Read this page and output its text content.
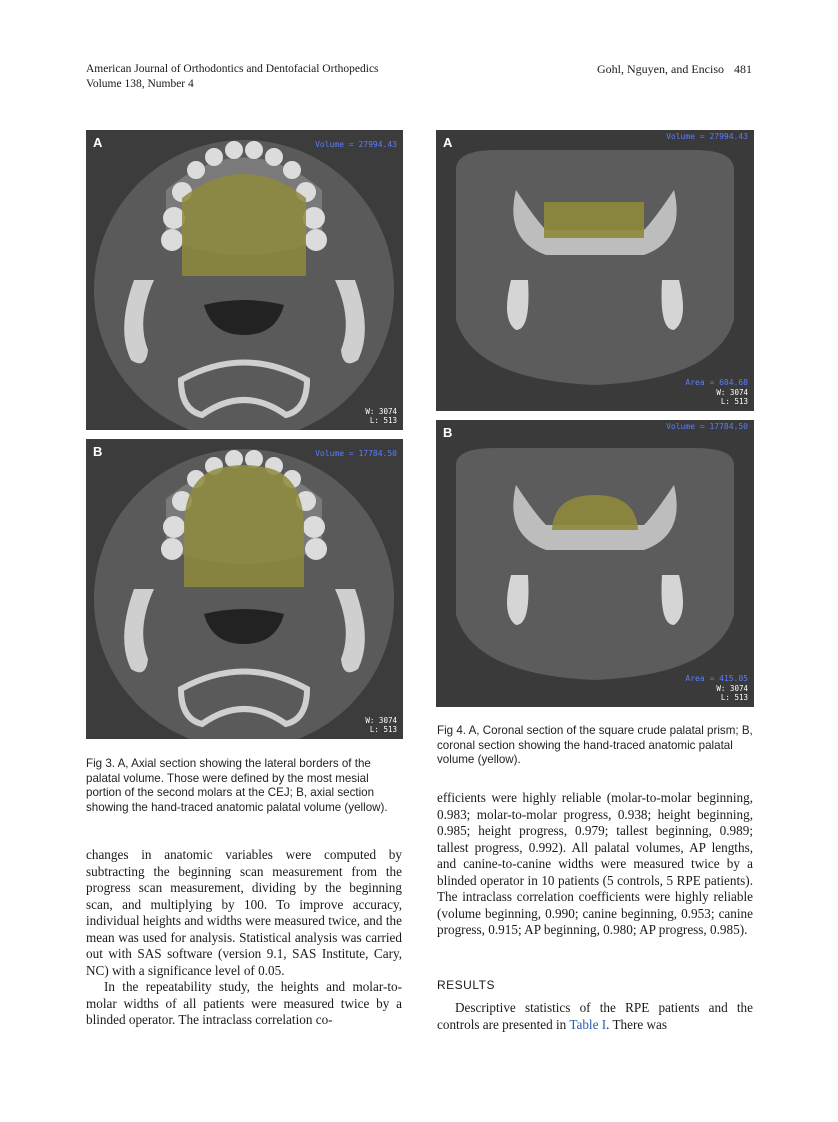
American Journal of Orthodontics and Dentofacial Orthopedics
Volume 138, Number 4
Gohl, Nguyen, and Enciso 481
A	Volume = 27994.43
W: 3074
L: 513
B	Volume = 17784.50
W: 3074
L: 513
A	Volume = 27994.43
Area = 604.68
W: 3074
L: 513
B	Volume = 17784.50
Area = 415.05
W: 3074
L: 513
Fig 4. A, Coronal section of the square crude palatal prism; B, coronal section showing the hand-traced anatomic palatal volume (yellow).
Fig 3. A, Axial section showing the lateral borders of the palatal volume. Those were defined by the most mesial portion of the second molars at the CEJ; B, axial section showing the hand-traced anatomic palatal volume (yellow).

changes in anatomic variables were computed by subtracting the beginning scan measurement from the progress scan measurement, dividing by the beginning scan, and multiplying by 100. To improve accuracy, individual heights and widths were measured twice, and the mean was used for analysis. Statistical analysis was carried out with SAS software (version 9.1, SAS Institute, Cary, NC) with a significance level of 0.05.

In the repeatability study, the heights and molar-to-molar widths of all patients were measured twice by a blinded operator. The intraclass correlation co-

efficients were highly reliable (molar-to-molar beginning, 0.983; molar-to-molar progress, 0.938; height beginning, 0.985; height progress, 0.979; tallest beginning, 0.989; tallest progress, 0.992). All palatal volumes, AP lengths, and canine-to-canine widths were measured twice by a blinded operator in 10 patients (5 controls, 5 RPE patients). The intraclass correlation coefficients were highly reliable (volume beginning, 0.990; canine beginning, 0.953; canine progress, 0.915; AP beginning, 0.980; AP progress, 0.985).

RESULTS

Descriptive statistics of the RPE patients and the controls are presented in Table I. There was
